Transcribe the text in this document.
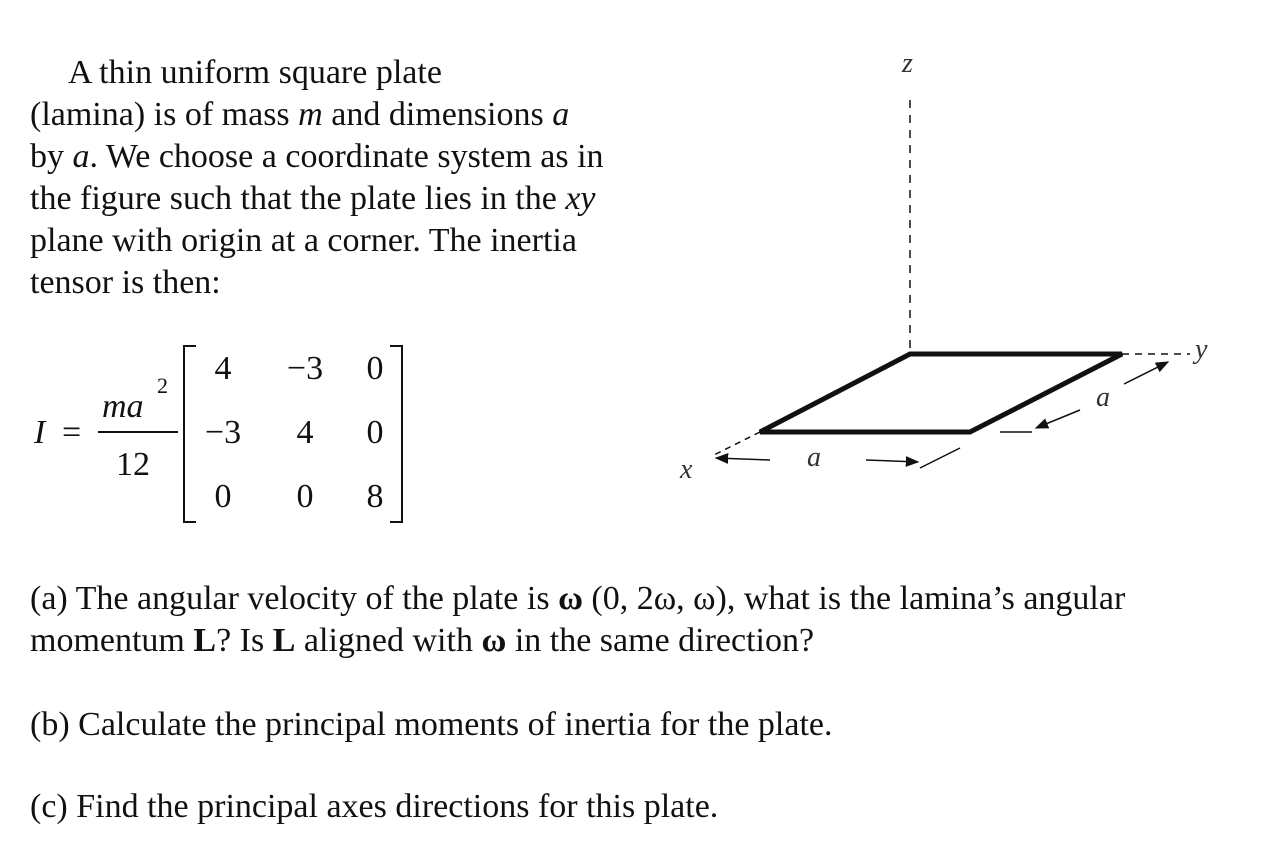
A thin uniform square plate
(lamina) is of mass m and dimensions a
by a. We choose a coordinate system as in
the figure such that the plate lies in the xy
plane with origin at a corner. The inertia
tensor is then:
I =
ma
2
12
4	−3	0
−3	4	0
0	0	8
z
y
x	a
a
(a) The angular velocity of the plate is ω (0, 2ω, ω), what is the lamina’s angular
momentum L? Is L aligned with ω in the same direction?
(b) Calculate the principal moments of inertia for the plate.
(c) Find the principal axes directions for this plate.
